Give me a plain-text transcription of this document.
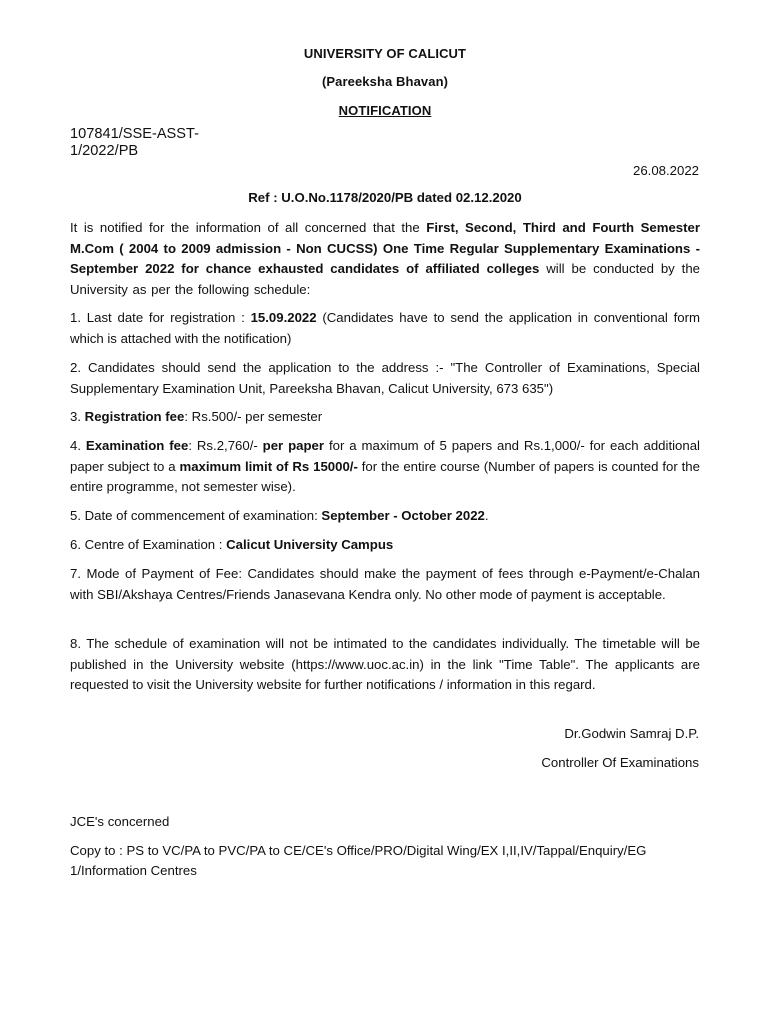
UNIVERSITY OF CALICUT
(Pareeksha Bhavan)
NOTIFICATION
107841/SSE-ASST-
1/2022/PB
26.08.2022
Ref : U.O.No.1178/2020/PB dated 02.12.2020
It is notified for the information of all concerned that the First, Second, Third and Fourth Semester M.Com ( 2004 to 2009 admission - Non CUCSS) One Time Regular Supplementary Examinations - September 2022 for chance exhausted candidates of affiliated colleges will be conducted by the University as per the following schedule:
1. Last date for registration : 15.09.2022 (Candidates have to send the application in conventional form which is attached with the notification)
2. Candidates should send the application to the address :- "The Controller of Examinations, Special Supplementary Examination Unit, Pareeksha Bhavan, Calicut University, 673 635")
3. Registration fee: Rs.500/- per semester
4. Examination fee: Rs.2,760/- per paper for a maximum of 5 papers and Rs.1,000/- for each additional paper subject to a maximum limit of Rs 15000/- for the entire course (Number of papers is counted for the entire programme, not semester wise).
5. Date of commencement of examination: September - October 2022.
6. Centre of Examination : Calicut University Campus
7. Mode of Payment of Fee: Candidates should make the payment of fees through e-Payment/e-Chalan with SBI/Akshaya Centres/Friends Janasevana Kendra only. No other mode of payment is acceptable.
8. The schedule of examination will not be intimated to the candidates individually. The timetable will be published in the University website (https://www.uoc.ac.in) in the link "Time Table". The applicants are requested to visit the University website for further notifications / information in this regard.
Dr.Godwin Samraj D.P.
Controller Of Examinations
JCE's concerned
Copy to : PS to VC/PA to PVC/PA to CE/CE's Office/PRO/Digital Wing/EX I,II,IV/Tappal/Enquiry/EG
1/Information Centres
